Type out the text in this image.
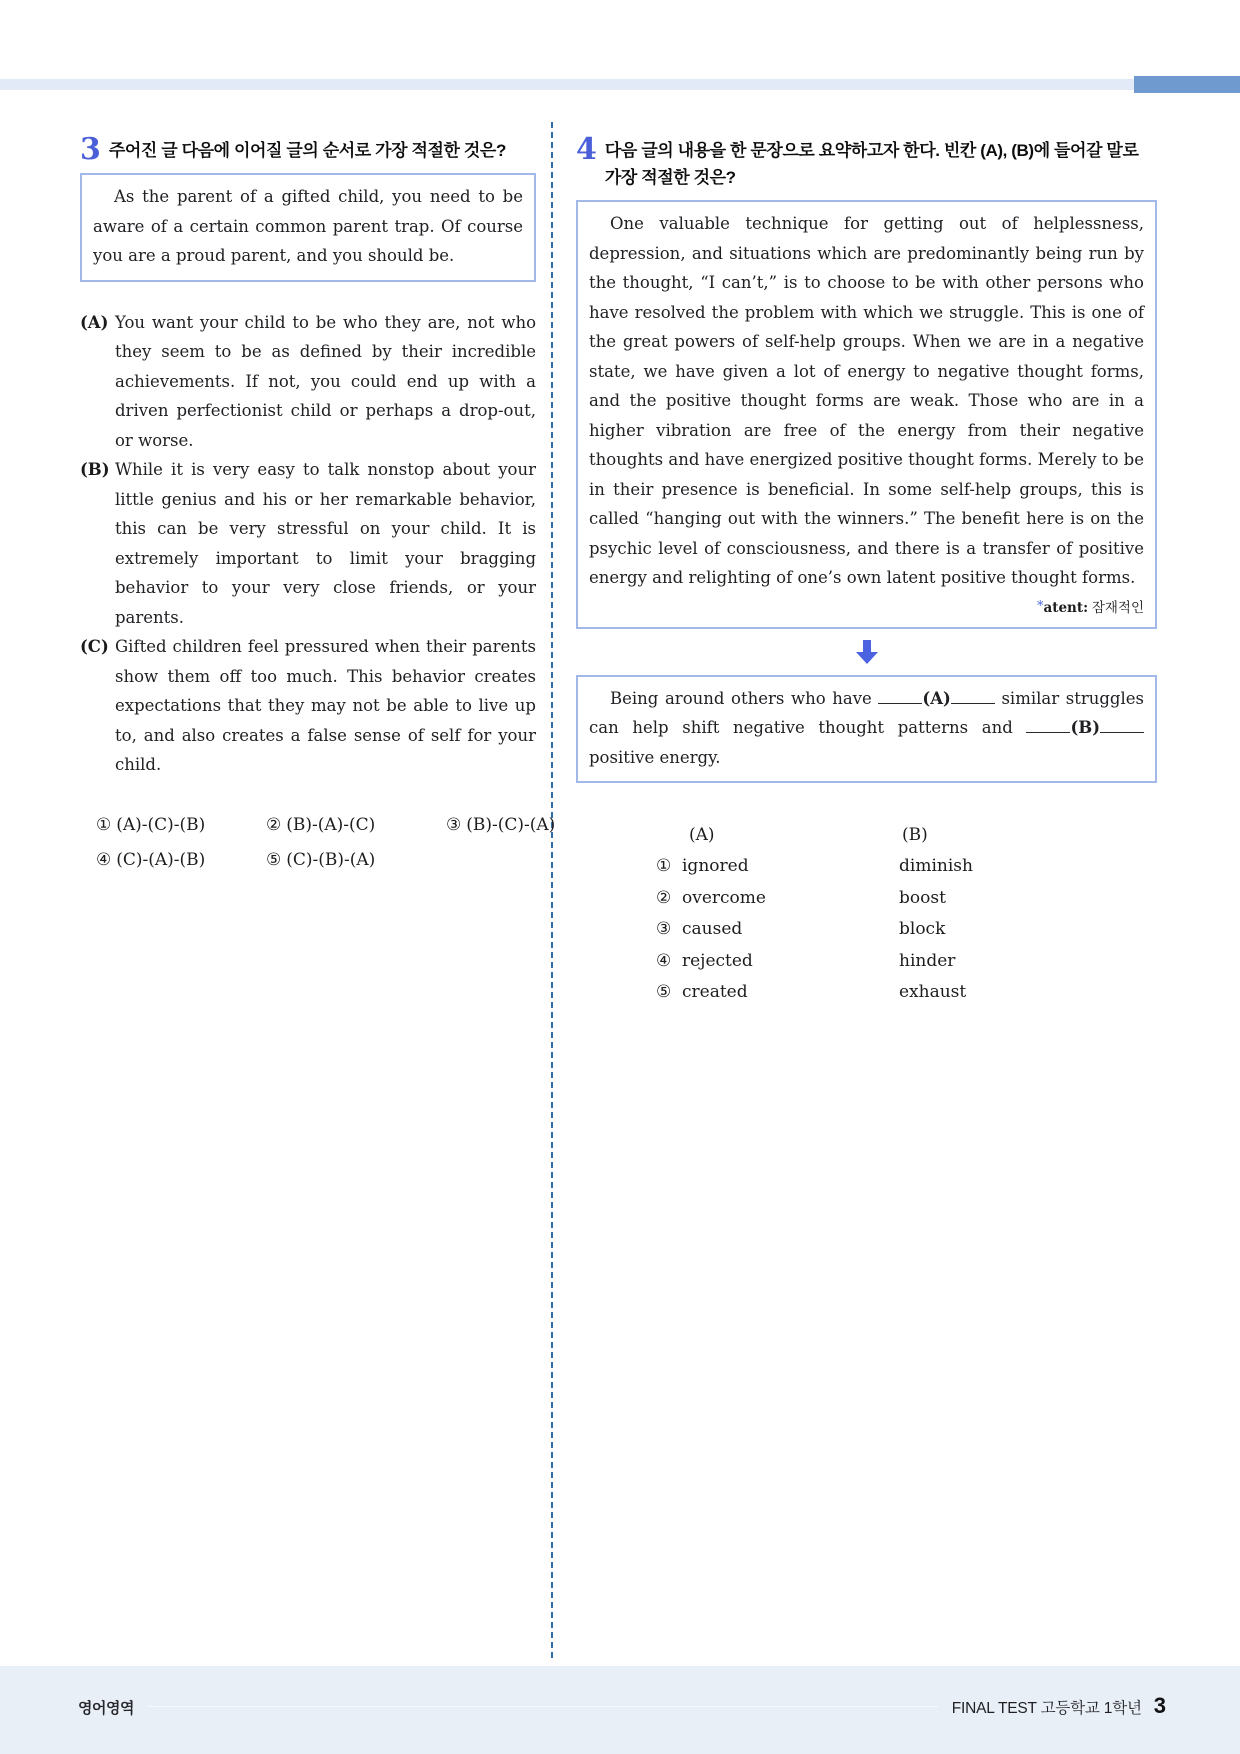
3 주어진 글 다음에 이어질 글의 순서로 가장 적절한 것은?

As the parent of a gifted child, you need to be aware of a certain common parent trap. Of course you are a proud parent, and you should be.

(A) You want your child to be who they are, not who they seem to be as defined by their incredible achievements. If not, you could end up with a driven perfectionist child or perhaps a drop-out, or worse.

(B) While it is very easy to talk nonstop about your little genius and his or her remarkable behavior, this can be very stressful on your child. It is extremely important to limit your bragging behavior to your very close friends, or your parents.

(C) Gifted children feel pressured when their parents show them off too much. This behavior creates expectations that they may not be able to live up to, and also creates a false sense of self for your child.

① (A)-(C)-(B)	② (B)-(A)-(C)	③ (B)-(C)-(A)
④ (C)-(A)-(B)	⑤ (C)-(B)-(A)
4 다음 글의 내용을 한 문장으로 요약하고자 한다. 빈칸 (A), (B)에 들어갈 말로 가장 적절한 것은?

One valuable technique for getting out of helplessness, depression, and situations which are predominantly being run by the thought, “I can’t,” is to choose to be with other persons who have resolved the problem with which we struggle. This is one of the great powers of self-help groups. When we are in a negative state, we have given a lot of energy to negative thought forms, and the positive thought forms are weak. Those who are in a higher vibration are free of the energy from their negative thoughts and have energized positive thought forms. Merely to be in their presence is beneficial. In some self-help groups, this is called “hanging out with the winners.” The benefit here is on the psychic level of consciousness, and there is a transfer of positive energy and relighting of one’s own latent positive thought forms.

*atent: 잠재적인

Being around others who have	(A)	similar struggles can help shift negative thought patterns and	(B) positive energy.

(A)	(B)
① ignored	diminish
② overcome	boost
③ caused	block
④ rejected	hinder
⑤ created	exhaust
영어영역	FINAL TEST 고등학교 1학년 3
